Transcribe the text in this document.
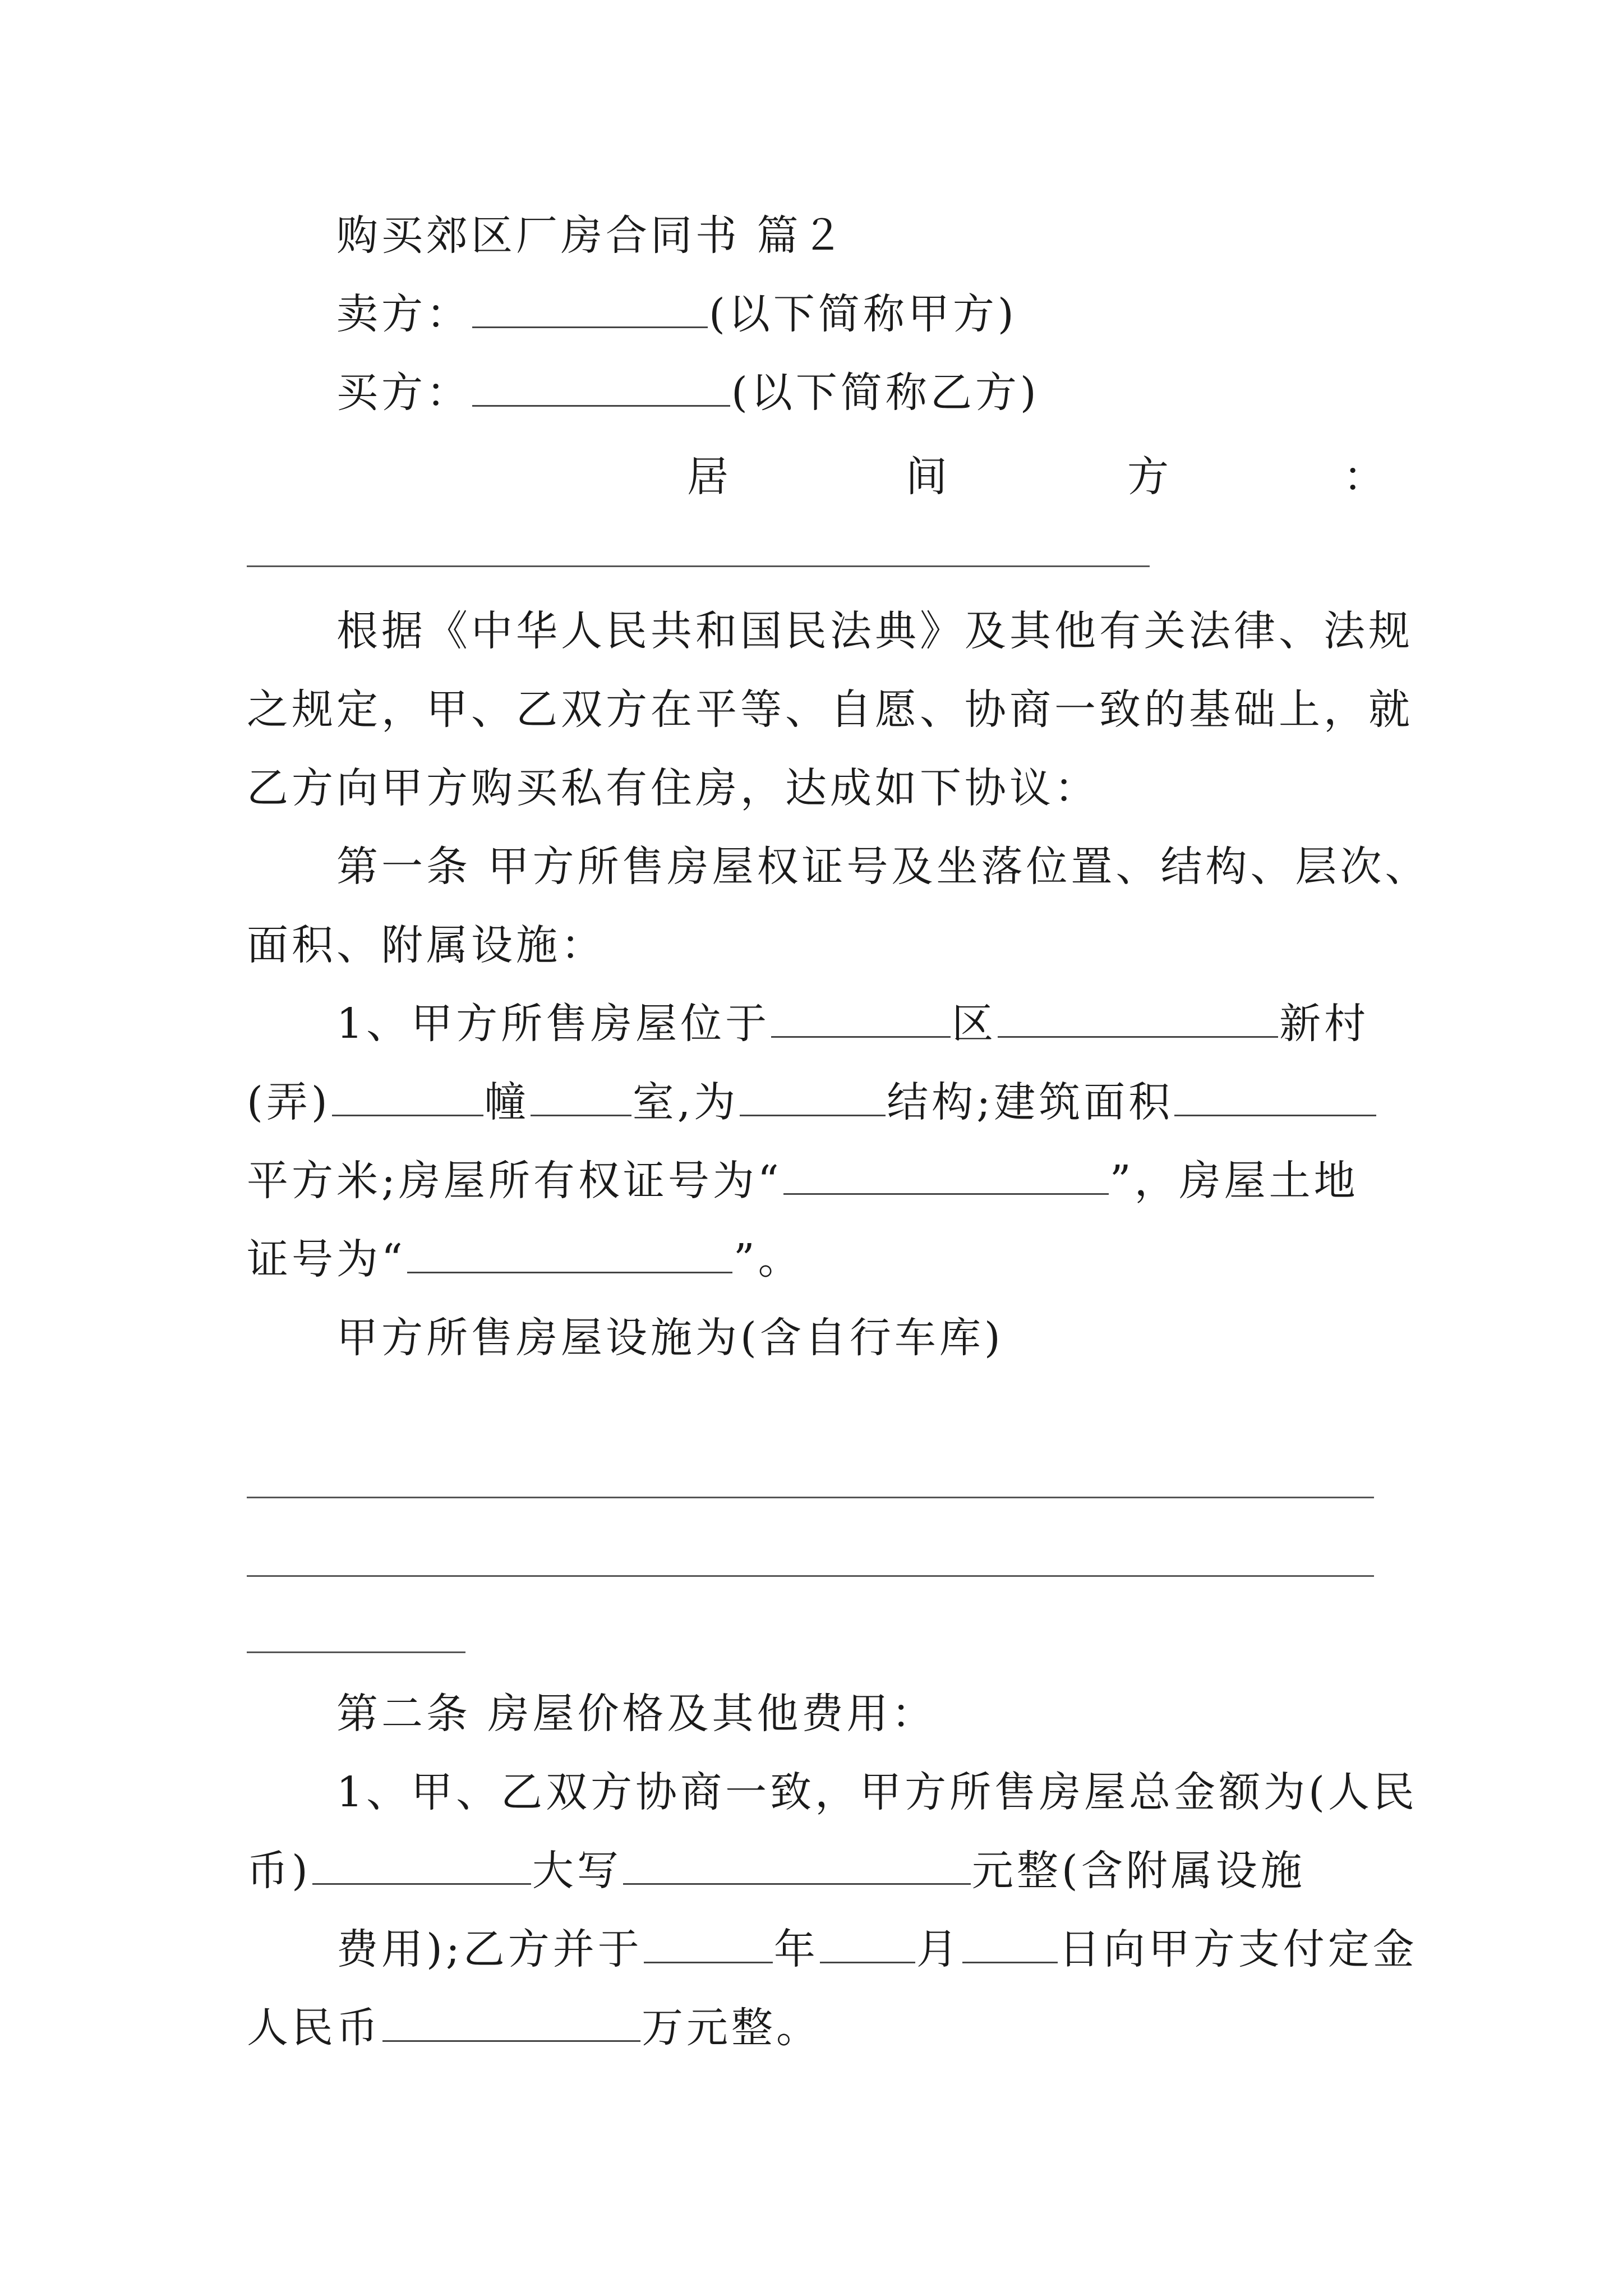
购买郊区厂房合同书 篇２
卖方：	(以下简称甲方)
买方：	(以下简称乙方)
居	间	方	：
根据《中华人民共和国民法典》及其他有关法律、法规
之规定，甲、乙双方在平等、自愿、协商一致的基础上，就
乙方向甲方购买私有住房，达成如下协议：
第一条 甲方所售房屋权证号及坐落位置、结构、层次、
面积、附属设施：
1、甲方所售房屋位于	区	新村
(弄)	幢 室,为	结构;建筑面积
平方米;房屋所有权证号为“	”，房屋土地
证号为“	”。
甲方所售房屋设施为(含自行车库)
第二条 房屋价格及其他费用：
1、甲、乙双方协商一致，甲方所售房屋总金额为(人民
币)	大写	元整(含附属设施
费用);乙方并于	年 月 日向甲方支付定金
人民币	万元整。
